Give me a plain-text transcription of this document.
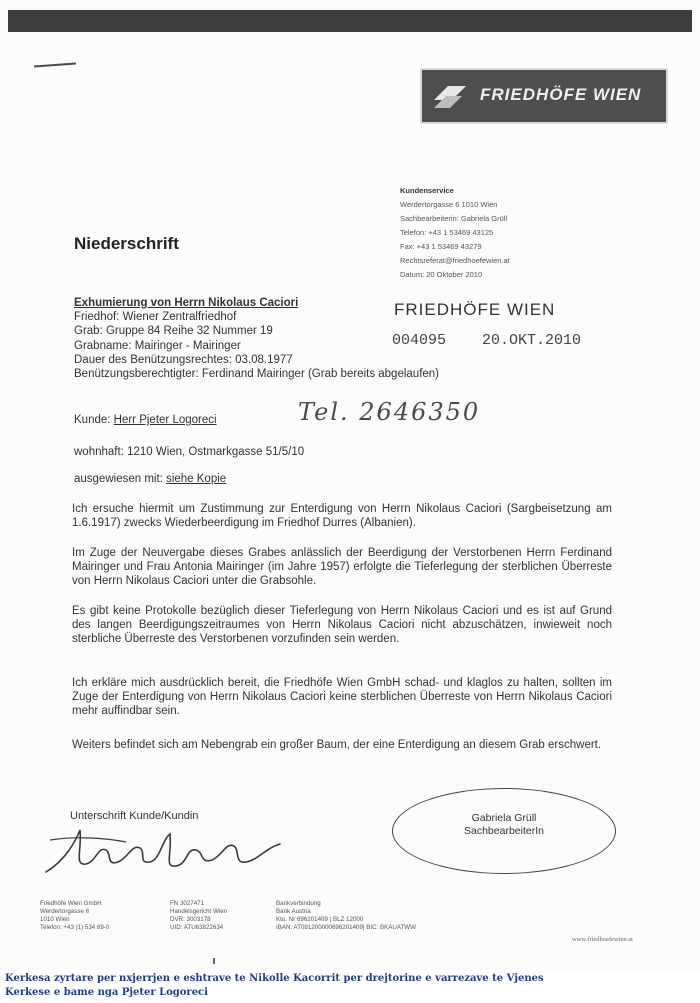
FRIEDHÖFE WIEN
Kundenservice
Werdertorgasse 6 1010 Wien
Sachbearbeiterin: Gabriela Grüll
Telefon: +43 1 53469 43125
Fax: +43 1 53469 43279
Rechtsreferat@friedhoefewien.at
Datum: 20 Oktober 2010
Niederschrift
FRIEDHÖFE WIEN
004095 20.OKT.2010
Exhumierung von Herrn Nikolaus Caciori
Friedhof: Wiener Zentralfriedhof
Grab: Gruppe 84 Reihe 32 Nummer 19
Grabname: Mairinger - Mairinger
Dauer des Benützungsrechtes: 03.08.1977
Benützungsberechtigter: Ferdinand Mairinger (Grab bereits abgelaufen)
Kunde: Herr Pjeter Logoreci	Tel. 2646350
wohnhaft: 1210 Wien, Ostmarkgasse 51/5/10
ausgewiesen mit: siehe Kopie
Ich ersuche hiermit um Zustimmung zur Enterdigung von Herrn Nikolaus Caciori (Sargbeisetzung am 1.6.1917) zwecks Wiederbeerdigung im Friedhof Durres (Albanien).
Im Zuge der Neuvergabe dieses Grabes anlässlich der Beerdigung der Verstorbenen Herrn Ferdinand Mairinger und Frau Antonia Mairinger (im Jahre 1957) erfolgte die Tieferlegung der sterblichen Überreste von Herrn Nikolaus Caciori unter die Grabsohle.
Es gibt keine Protokolle bezüglich dieser Tieferlegung von Herrn Nikolaus Caciori und es ist auf Grund des langen Beerdigungszeitraumes von Herrn Nikolaus Caciori nicht abzuschätzen, inwieweit noch sterbliche Überreste des Verstorbenen vorzufinden sein werden.
Ich erkläre mich ausdrücklich bereit, die Friedhöfe Wien GmbH schad- und klaglos zu halten, sollten im Zuge der Enterdigung von Herrn Nikolaus Caciori keine sterblichen Überreste von Herrn Nikolaus Caciori mehr auffindbar sein.
Weiters befindet sich am Nebengrab ein großer Baum, der eine Enterdigung an diesem Grab erschwert.
Unterschrift Kunde/Kundin	Gabriela Grüll
SachbearbeiterIn
Friedhöfe Wien GmbH
Werdertorgasse 6
1010 Wien
Telefon: +43 (1) 534 69-0
FN 3027471
Handelsgericht Wien
DVR: 3003178
UID: ATU63822634
Bankverbindung
Bank Austria
Kto. Nr 696201409 | BLZ 12000
IBAN: AT091200000696201409| BIC: BKAUATWW
www.friedhoefewien.at
Kerkesa zyrtare per nxjerrjen e eshtrave te Nikolle Kacorrit per drejtorine e varrezave te Vjenes
Kerkese e bame nga Pjeter Logoreci
